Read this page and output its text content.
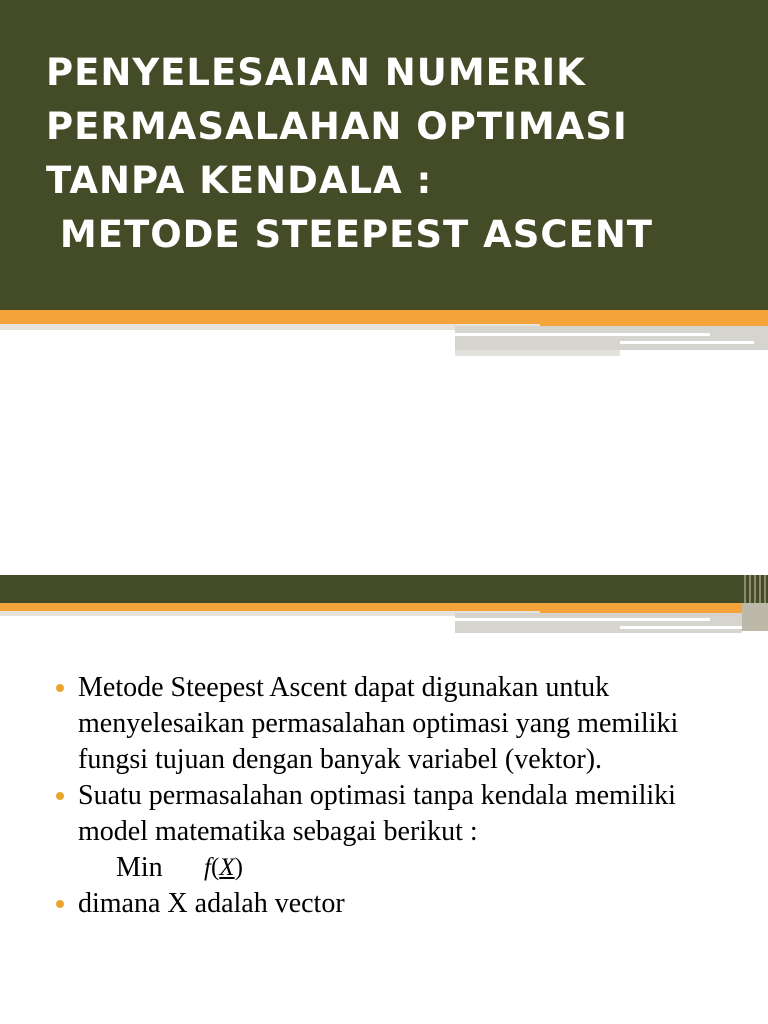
PENYELESAIAN NUMERIK
PERMASALAHAN OPTIMASI
TANPA KENDALA :
METODE STEEPEST ASCENT
Metode Steepest Ascent dapat digunakan untuk menyelesaikan permasalahan optimasi yang memiliki fungsi tujuan dengan banyak variabel (vektor).
Suatu permasalahan optimasi tanpa kendala memiliki model matematika sebagai berikut :
Min f(X)
dimana X adalah vector
